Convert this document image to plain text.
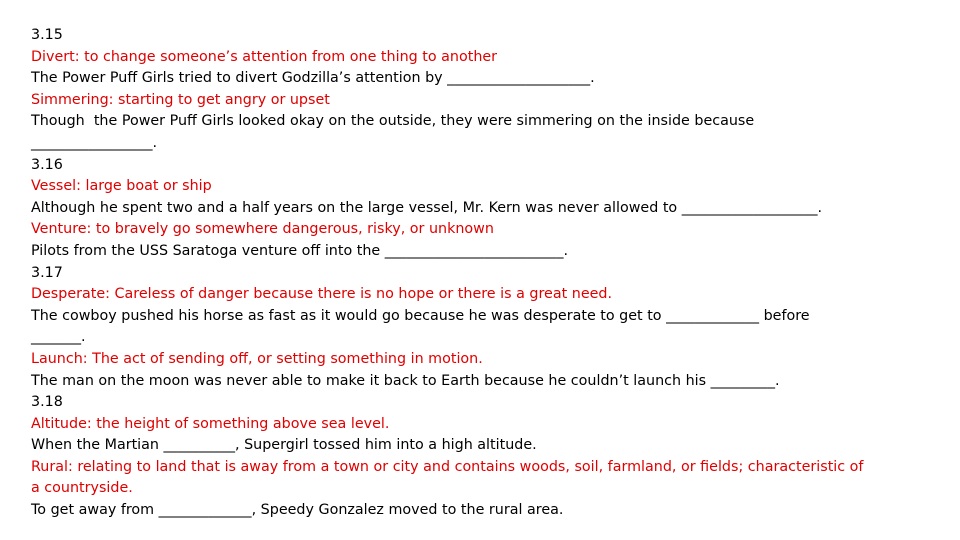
3.15
Divert: to change someone’s attention from one thing to another
The Power Puff Girls tried to divert Godzilla’s attention by ____________________.
Simmering: starting to get angry or upset
Though  the Power Puff Girls looked okay on the outside, they were simmering on the inside because
_________________.
3.16
Vessel: large boat or ship
Although he spent two and a half years on the large vessel, Mr. Kern was never allowed to ___________________.
Venture: to bravely go somewhere dangerous, risky, or unknown
Pilots from the USS Saratoga venture off into the _________________________.
3.17
Desperate: Careless of danger because there is no hope or there is a great need.
The cowboy pushed his horse as fast as it would go because he was desperate to get to _____________ before
_______.
Launch: The act of sending off, or setting something in motion.
The man on the moon was never able to make it back to Earth because he couldn’t launch his _________.
3.18
Altitude: the height of something above sea level.
When the Martian __________, Supergirl tossed him into a high altitude.
Rural: relating to land that is away from a town or city and contains woods, soil, farmland, or fields; characteristic of
a countryside.
To get away from _____________, Speedy Gonzalez moved to the rural area.
